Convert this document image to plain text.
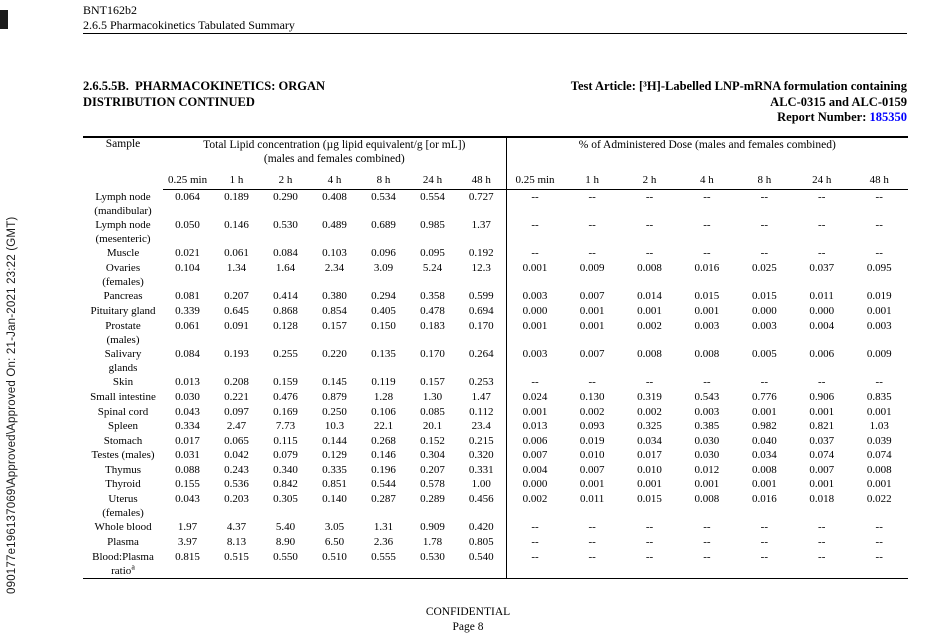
090177e196137069\Approved\Approved On: 21-Jan-2021 23:22 (GMT)
BNT162b2
2.6.5 Pharmacokinetics Tabulated Summary
2.6.5.5B.  PHARMACOKINETICS: ORGAN
DISTRIBUTION CONTINUED
Test Article: [³H]-Labelled LNP-mRNA formulation containing
ALC-0315 and ALC-0159
Report Number: 185350
Sample	Total Lipid concentration (µg lipid equivalent/g [or mL])
(males and females combined)							% of Administered Dose (males and females combined)						
	0.25 min	1 h	2 h	4 h	8 h	24 h	48 h	0.25 min	1 h	2 h	4 h	8 h	24 h	48 h
Lymph node
(mandibular)	0.064	0.189	0.290	0.408	0.534	0.554	0.727	--	--	--	--	--	--	--
Lymph node
(mesenteric)	0.050	0.146	0.530	0.489	0.689	0.985	1.37	--	--	--	--	--	--	--
Muscle	0.021	0.061	0.084	0.103	0.096	0.095	0.192	--	--	--	--	--	--	--
Ovaries
(females)	0.104	1.34	1.64	2.34	3.09	5.24	12.3	0.001	0.009	0.008	0.016	0.025	0.037	0.095
Pancreas	0.081	0.207	0.414	0.380	0.294	0.358	0.599	0.003	0.007	0.014	0.015	0.015	0.011	0.019
Pituitary gland	0.339	0.645	0.868	0.854	0.405	0.478	0.694	0.000	0.001	0.001	0.001	0.000	0.000	0.001
Prostate
(males)	0.061	0.091	0.128	0.157	0.150	0.183	0.170	0.001	0.001	0.002	0.003	0.003	0.004	0.003
Salivary
glands	0.084	0.193	0.255	0.220	0.135	0.170	0.264	0.003	0.007	0.008	0.008	0.005	0.006	0.009
Skin	0.013	0.208	0.159	0.145	0.119	0.157	0.253	--	--	--	--	--	--	--
Small intestine	0.030	0.221	0.476	0.879	1.28	1.30	1.47	0.024	0.130	0.319	0.543	0.776	0.906	0.835
Spinal cord	0.043	0.097	0.169	0.250	0.106	0.085	0.112	0.001	0.002	0.002	0.003	0.001	0.001	0.001
Spleen	0.334	2.47	7.73	10.3	22.1	20.1	23.4	0.013	0.093	0.325	0.385	0.982	0.821	1.03
Stomach	0.017	0.065	0.115	0.144	0.268	0.152	0.215	0.006	0.019	0.034	0.030	0.040	0.037	0.039
Testes (males)	0.031	0.042	0.079	0.129	0.146	0.304	0.320	0.007	0.010	0.017	0.030	0.034	0.074	0.074
Thymus	0.088	0.243	0.340	0.335	0.196	0.207	0.331	0.004	0.007	0.010	0.012	0.008	0.007	0.008
Thyroid	0.155	0.536	0.842	0.851	0.544	0.578	1.00	0.000	0.001	0.001	0.001	0.001	0.001	0.001
Uterus
(females)	0.043	0.203	0.305	0.140	0.287	0.289	0.456	0.002	0.011	0.015	0.008	0.016	0.018	0.022
Whole blood	1.97	4.37	5.40	3.05	1.31	0.909	0.420	--	--	--	--	--	--	--
Plasma	3.97	8.13	8.90	6.50	2.36	1.78	0.805	--	--	--	--	--	--	--
Blood:Plasma
ratio$^a$	0.815	0.515	0.550	0.510	0.555	0.530	0.540	--	--	--	--	--	--	--
CONFIDENTIAL
Page 8
